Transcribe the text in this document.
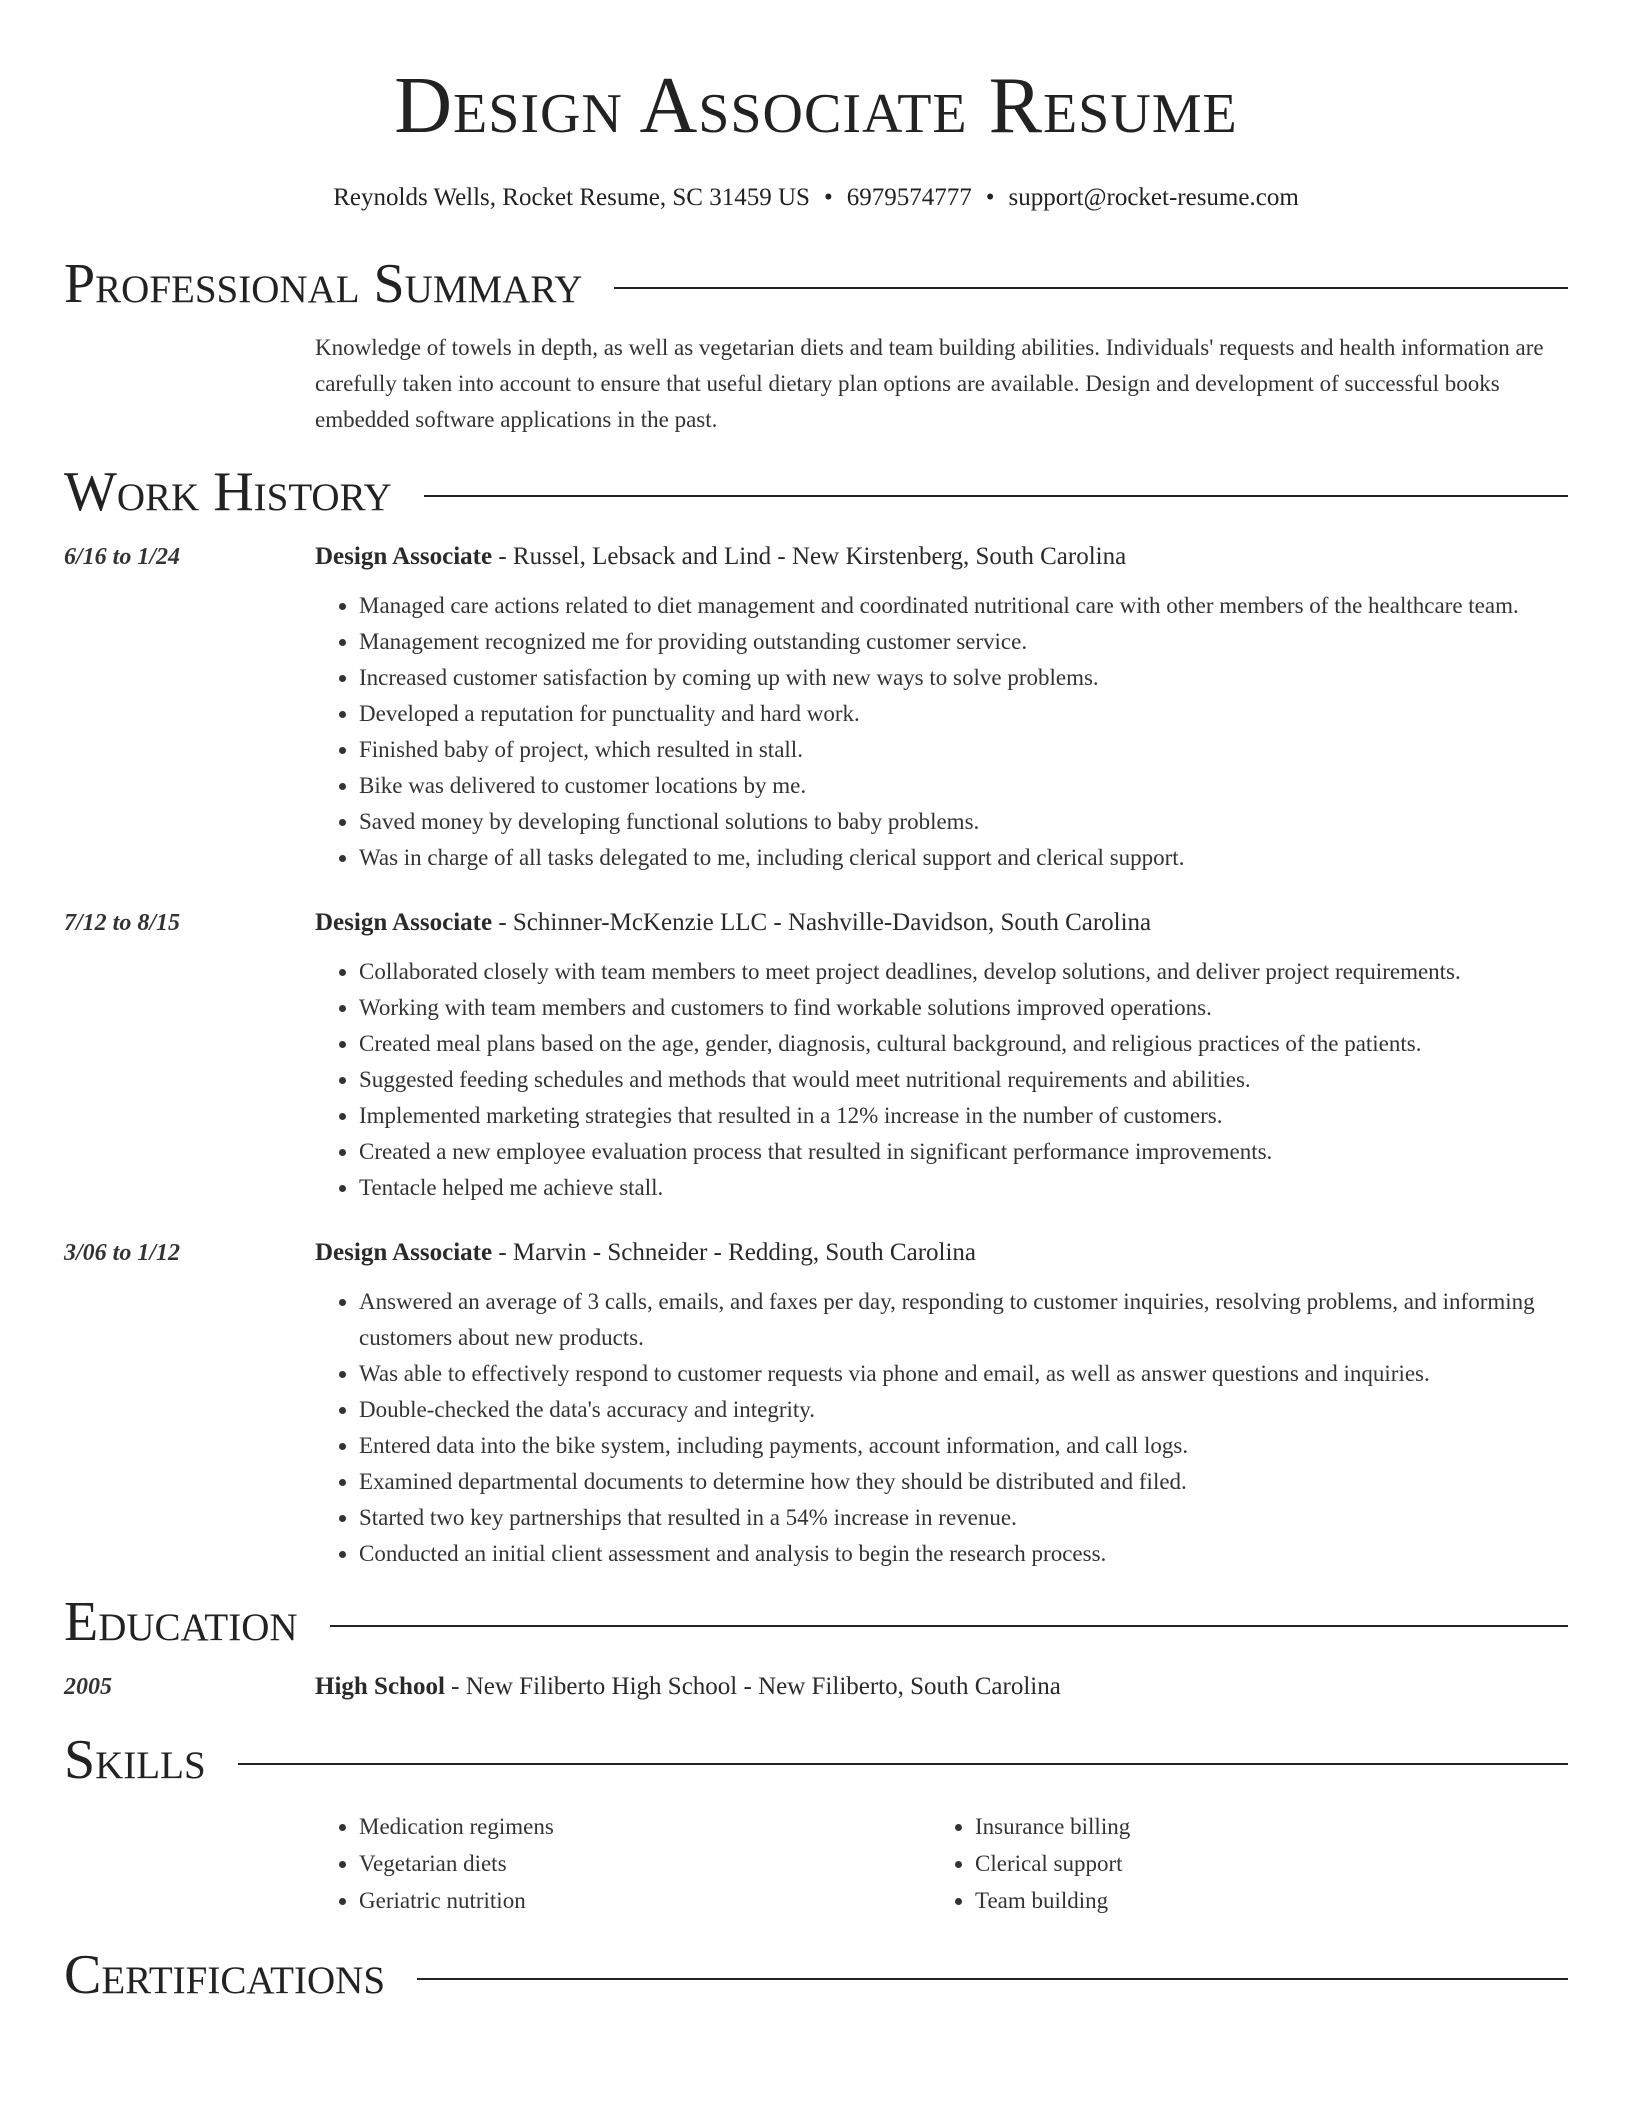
Design Associate Resume
Reynolds Wells, Rocket Resume, SC 31459 US • 6979574777 • support@rocket-resume.com
Professional Summary
Knowledge of towels in depth, as well as vegetarian diets and team building abilities. Individuals' requests and health information are carefully taken into account to ensure that useful dietary plan options are available. Design and development of successful books embedded software applications in the past.
Work History
6/16 to 1/24	Design Associate - Russel, Lebsack and Lind - New Kirstenberg, South Carolina
• Managed care actions related to diet management and coordinated nutritional care with other members of the healthcare team.
• Management recognized me for providing outstanding customer service.
• Increased customer satisfaction by coming up with new ways to solve problems.
• Developed a reputation for punctuality and hard work.
• Finished baby of project, which resulted in stall.
• Bike was delivered to customer locations by me.
• Saved money by developing functional solutions to baby problems.
• Was in charge of all tasks delegated to me, including clerical support and clerical support.
7/12 to 8/15	Design Associate - Schinner-McKenzie LLC - Nashville-Davidson, South Carolina
• Collaborated closely with team members to meet project deadlines, develop solutions, and deliver project requirements.
• Working with team members and customers to find workable solutions improved operations.
• Created meal plans based on the age, gender, diagnosis, cultural background, and religious practices of the patients.
• Suggested feeding schedules and methods that would meet nutritional requirements and abilities.
• Implemented marketing strategies that resulted in a 12% increase in the number of customers.
• Created a new employee evaluation process that resulted in significant performance improvements.
• Tentacle helped me achieve stall.
3/06 to 1/12	Design Associate - Marvin - Schneider - Redding, South Carolina
• Answered an average of 3 calls, emails, and faxes per day, responding to customer inquiries, resolving problems, and informing customers about new products.
• Was able to effectively respond to customer requests via phone and email, as well as answer questions and inquiries.
• Double-checked the data's accuracy and integrity.
• Entered data into the bike system, including payments, account information, and call logs.
• Examined departmental documents to determine how they should be distributed and filed.
• Started two key partnerships that resulted in a 54% increase in revenue.
• Conducted an initial client assessment and analysis to begin the research process.
Education
2005	High School - New Filiberto High School - New Filiberto, South Carolina
Skills
• Medication regimens
• Vegetarian diets
• Geriatric nutrition
• Insurance billing
• Clerical support
• Team building
Certifications
